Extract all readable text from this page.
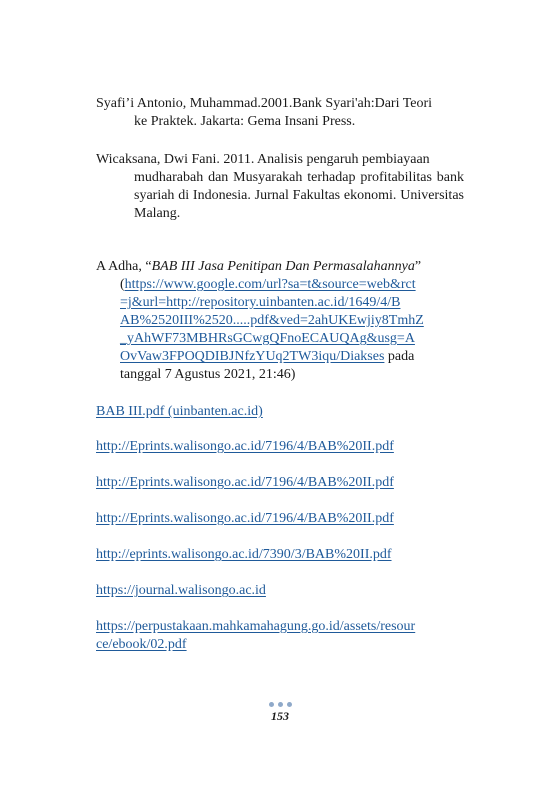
Syafi’i Antonio, Muhammad.2001.Bank Syari'ah:Dari Teori
ke Praktek. Jakarta: Gema Insani Press.
Wicaksana, Dwi Fani. 2011. Analisis pengaruh pembiayaan
mudharabah dan Musyarakah terhadap profitabilitas bank syariah di Indonesia. Jurnal Fakultas ekonomi. Universitas Malang.
A Adha, “BAB III Jasa Penitipan Dan Permasalahannya”
(https://www.google.com/url?sa=t&source=web&rct
=j&url=http://repository.uinbanten.ac.id/1649/4/B
AB%2520III%2520.....pdf&ved=2ahUKEwjiy8TmhZ
_yAhWF73MBHRsGCwgQFnoECAUQAg&usg=A
OvVaw3FPOQDIBJNfzYUq2TW3iqu/Diakses pada
tanggal 7 Agustus 2021, 21:46)
BAB III.pdf (uinbanten.ac.id)
http://Eprints.walisongo.ac.id/7196/4/BAB%20II.pdf
http://Eprints.walisongo.ac.id/7196/4/BAB%20II.pdf
http://Eprints.walisongo.ac.id/7196/4/BAB%20II.pdf
http://eprints.walisongo.ac.id/7390/3/BAB%20II.pdf
https://journal.walisongo.ac.id
https://perpustakaan.mahkamahagung.go.id/assets/resour
ce/ebook/02.pdf
153
